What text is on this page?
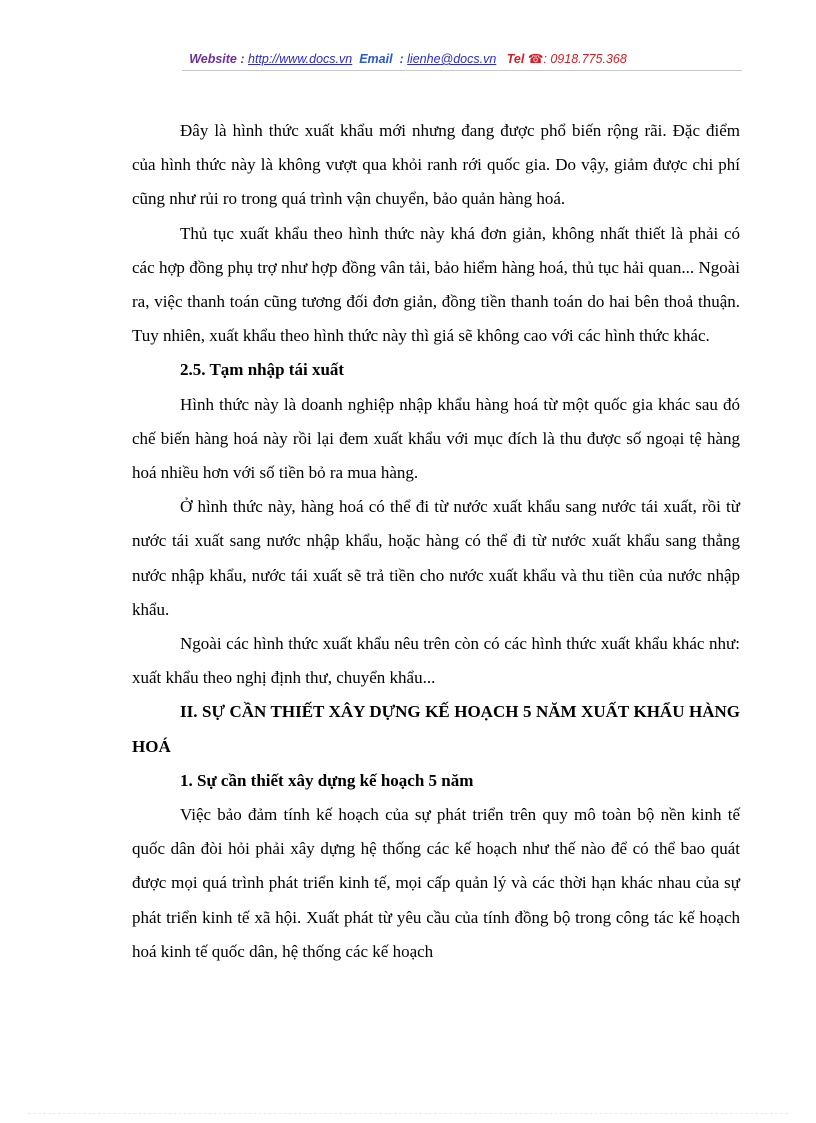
Website : http://www.docs.vn Email : lienhe@docs.vn Tel ☎: 0918.775.368

Đây là hình thức xuất khẩu mới nhưng đang được phổ biến rộng rãi. Đặc điểm của hình thức này là không vượt qua khỏi ranh rới quốc gia. Do vậy, giảm được chi phí cũng như rủi ro trong quá trình vận chuyển, bảo quản hàng hoá.

Thủ tục xuất khẩu theo hình thức này khá đơn giản, không nhất thiết là phải có các hợp đồng phụ trợ như hợp đồng vân tải, bảo hiểm hàng hoá, thủ tục hải quan... Ngoài ra, việc thanh toán cũng tương đối đơn giản, đồng tiền thanh toán do hai bên thoả thuận. Tuy nhiên, xuất khẩu theo hình thức này thì giá sẽ không cao với các hình thức khác.

2.5. Tạm nhập tái xuất

Hình thức này là doanh nghiệp nhập khẩu hàng hoá từ một quốc gia khác sau đó chế biến hàng hoá này rồi lại đem xuất khẩu với mục đích là thu được số ngoại tệ hàng hoá nhiều hơn với số tiền bỏ ra mua hàng.

Ở hình thức này, hàng hoá có thể đi từ nước xuất khẩu sang nước tái xuất, rồi từ nước tái xuất sang nước nhập khẩu, hoặc hàng có thể đi từ nước xuất khẩu sang thẳng nước nhập khẩu, nước tái xuất sẽ trả tiền cho nước xuất khẩu và thu tiền của nước nhập khẩu.

Ngoài các hình thức xuất khẩu nêu trên còn có các hình thức xuất khẩu khác như: xuất khẩu theo nghị định thư, chuyển khẩu...

II. SỰ CẦN THIẾT XÂY DỰNG KẾ HOẠCH 5 NĂM XUẤT KHẨU HÀNG HOÁ

1. Sự cần thiết xây dựng kế hoạch 5 năm

Việc bảo đảm tính kế hoạch của sự phát triển trên quy mô toàn bộ nền kinh tế quốc dân đòi hỏi phải xây dựng hệ thống các kế hoạch như thế nào để có thể bao quát được mọi quá trình phát triển kinh tế, mọi cấp quản lý và các thời hạn khác nhau của sự phát triển kinh tế xã hội. Xuất phát từ yêu cầu của tính đồng bộ trong công tác kế hoạch hoá kinh tế quốc dân, hệ thống các kế hoạch
